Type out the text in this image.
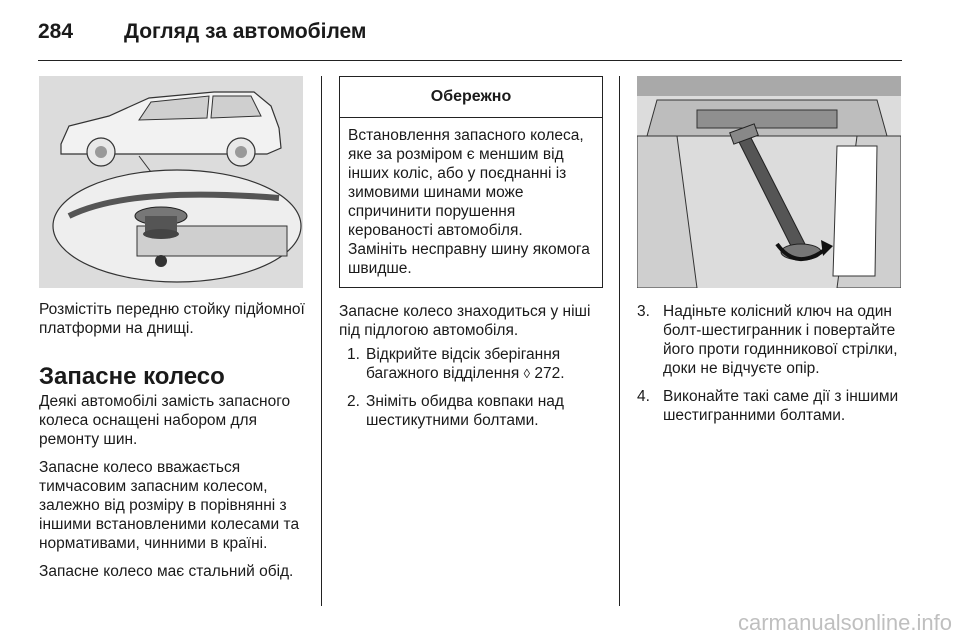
284 Догляд за автомобілем

Розмістіть передню стойку підйомної платформи на днищі.

Запасне колесо

Деякі автомобілі замість запасного колеса оснащені набором для ремонту шин.

Запасне колесо вважається тимчасовим запасним колесом, залежно від розміру в порівнянні з іншими встановленими колесами та нормативами, чинними в країні.

Запасне колесо має стальний обід.

Обережно
Встановлення запасного колеса, яке за розміром є меншим від інших коліс, або у поєднанні із зимовими шинами може спричинити порушення керованості автомобіля.
Замініть несправну шину якомога швидше.

Запасне колесо знаходиться у ніші під підлогою автомобіля.

1. Відкрийте відсік зберігання багажного відділення ◊ 272.
2. Зніміть обидва ковпаки над шестикутними болтами.
3. Надіньте колісний ключ на один болт-шестигранник і повертайте його проти годинникової стрілки, доки не відчуєте опір.
4. Виконайте такі саме дії з іншими шестигранними болтами.
carmanualsonline.info
